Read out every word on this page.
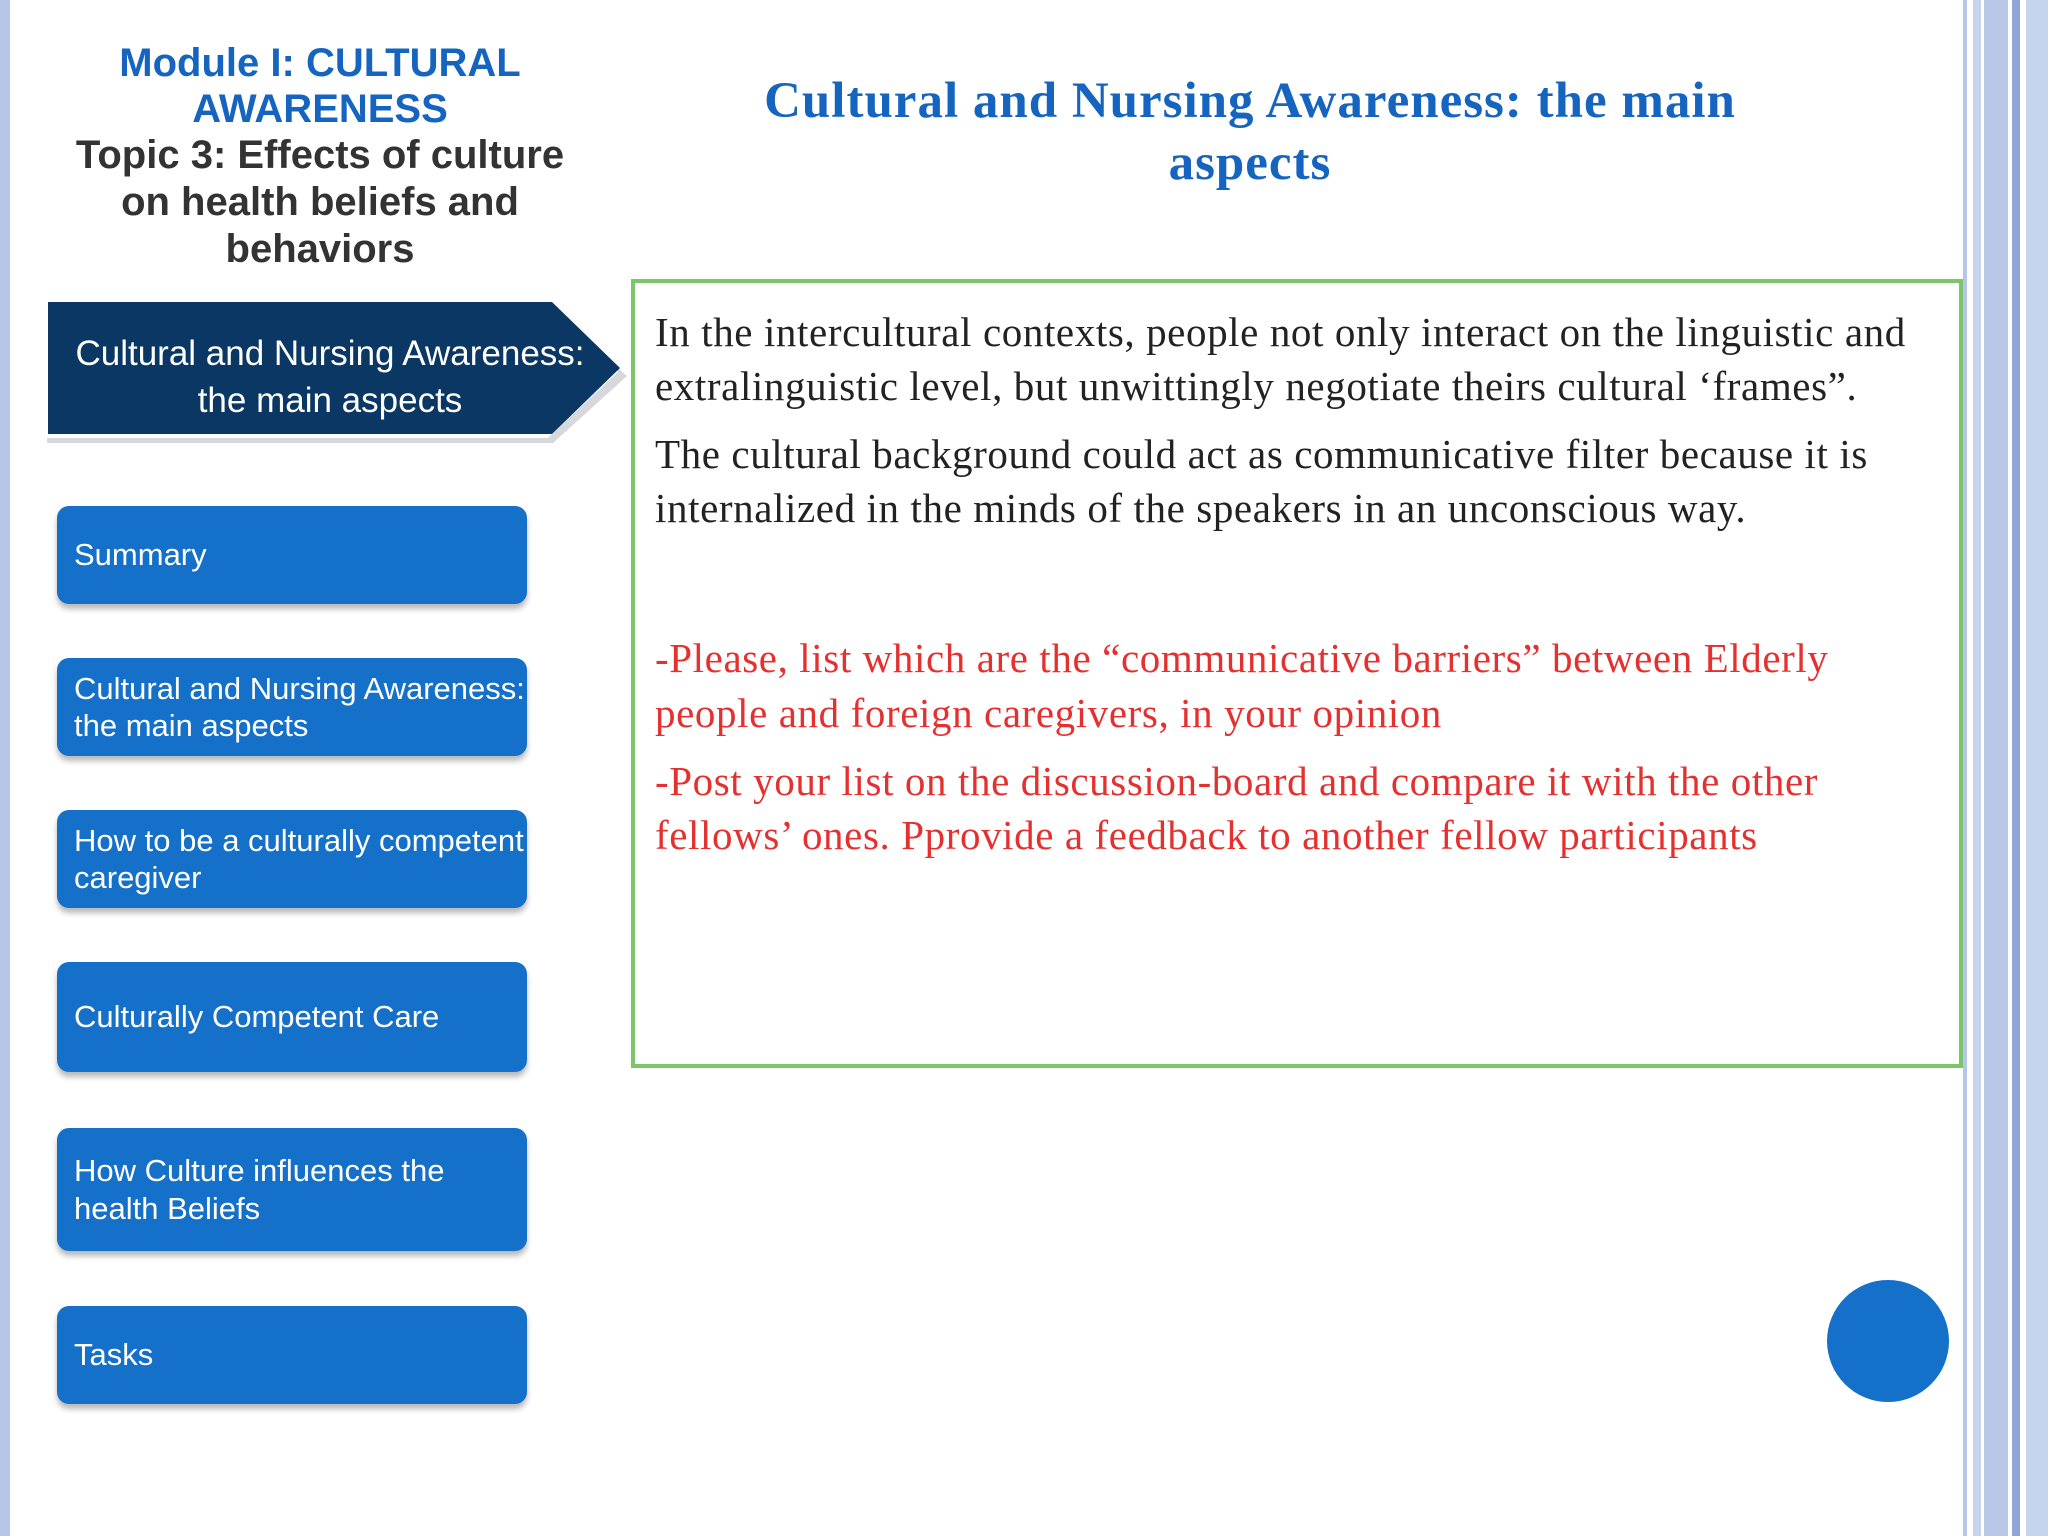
Module I: CULTURAL AWARENESS
Topic 3: Effects of culture on health beliefs and behaviors
Cultural and Nursing Awareness: the main aspects
Summary
Cultural and Nursing Awareness: the main aspects
How to be a culturally competent caregiver
Culturally Competent Care
How Culture influences the health Beliefs
Tasks
Cultural and Nursing Awareness: the main aspects

In the intercultural contexts, people not only interact on the linguistic and extralinguistic level, but unwittingly negotiate theirs cultural ‘frames”.

The cultural background could act as communicative filter because it is internalized in the minds of the speakers in an unconscious way.

-Please, list which are the “communicative barriers” between Elderly people and foreign caregivers, in your opinion

-Post your list on the discussion-board and compare it with the other fellows’ ones. Pprovide a feedback to another fellow participants
